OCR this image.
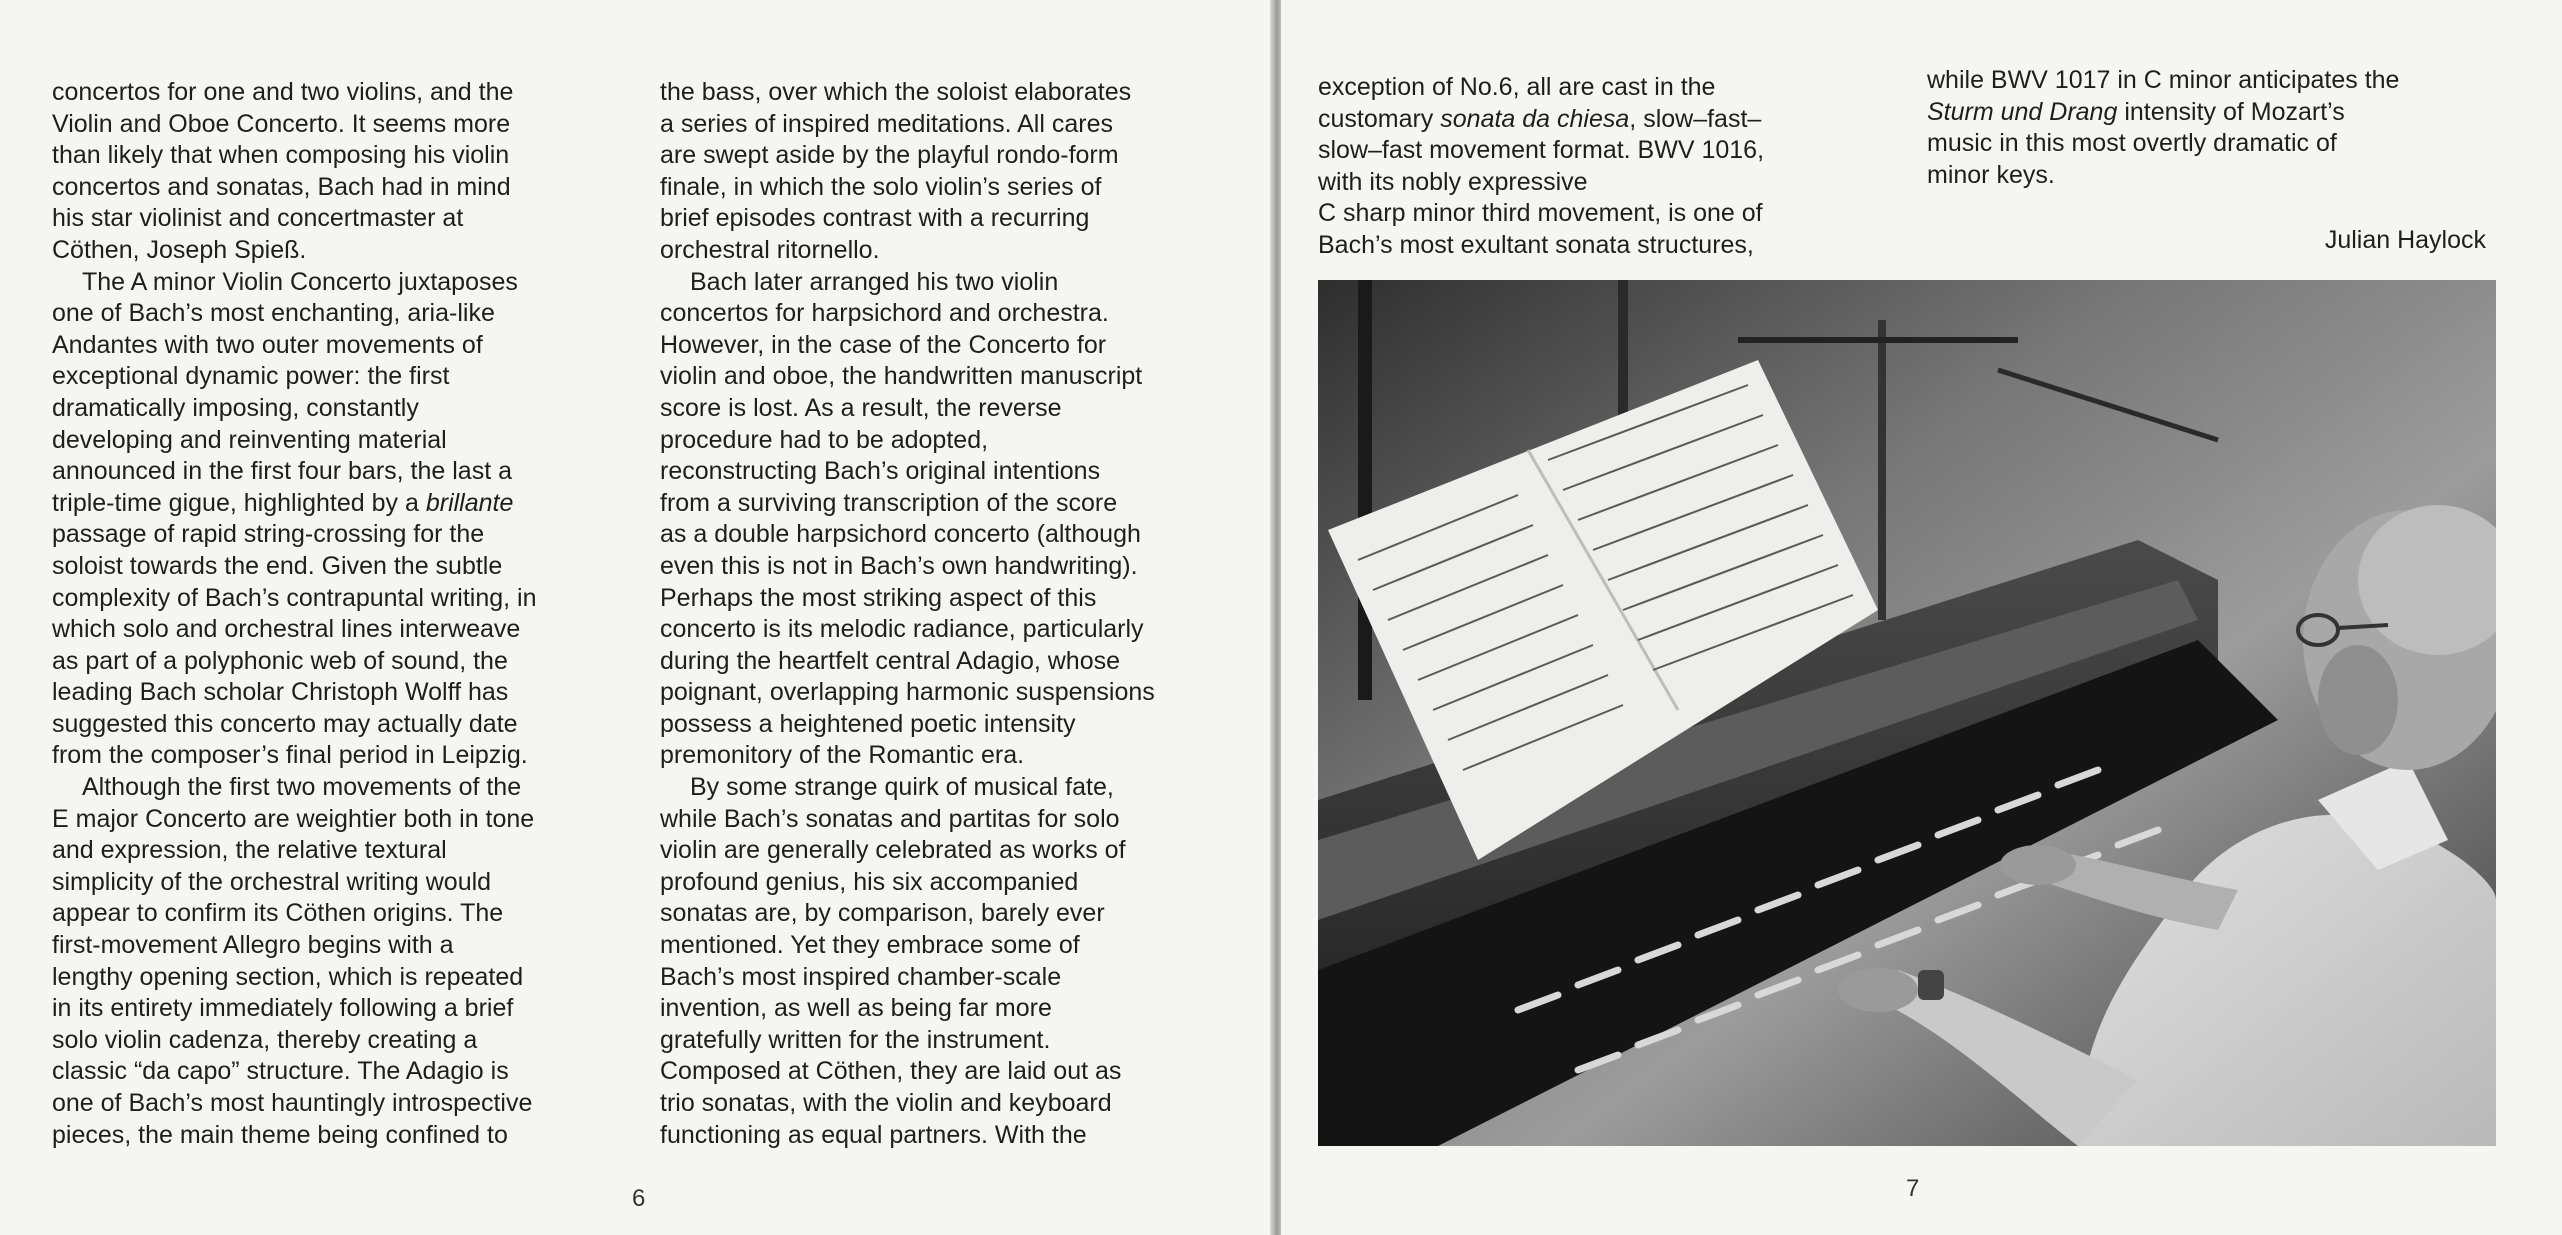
concertos for one and two violins, and the
Violin and Oboe Concerto. It seems more
than likely that when composing his violin
concertos and sonatas, Bach had in mind
his star violinist and concertmaster at
Cöthen, Joseph Spieß.

The A minor Violin Concerto juxtaposes
one of Bach’s most enchanting, aria-like
Andantes with two outer movements of
exceptional dynamic power: the first
dramatically imposing, constantly
developing and reinventing material
announced in the first four bars, the last a
triple-time gigue, highlighted by a brillante
passage of rapid string-crossing for the
soloist towards the end. Given the subtle
complexity of Bach’s contrapuntal writing, in
which solo and orchestral lines interweave
as part of a polyphonic web of sound, the
leading Bach scholar Christoph Wolff has
suggested this concerto may actually date
from the composer’s final period in Leipzig.

Although the first two movements of the
E major Concerto are weightier both in tone
and expression, the relative textural
simplicity of the orchestral writing would
appear to confirm its Cöthen origins. The
first-movement Allegro begins with a
lengthy opening section, which is repeated
in its entirety immediately following a brief
solo violin cadenza, thereby creating a
classic “da capo” structure. The Adagio is
one of Bach’s most hauntingly introspective
pieces, the main theme being confined to

the bass, over which the soloist elaborates
a series of inspired meditations. All cares
are swept aside by the playful rondo-form
finale, in which the solo violin’s series of
brief episodes contrast with a recurring
orchestral ritornello.

Bach later arranged his two violin
concertos for harpsichord and orchestra.
However, in the case of the Concerto for
violin and oboe, the handwritten manuscript
score is lost. As a result, the reverse
procedure had to be adopted,
reconstructing Bach’s original intentions
from a surviving transcription of the score
as a double harpsichord concerto (although
even this is not in Bach’s own handwriting).
Perhaps the most striking aspect of this
concerto is its melodic radiance, particularly
during the heartfelt central Adagio, whose
poignant, overlapping harmonic suspensions
possess a heightened poetic intensity
premonitory of the Romantic era.

By some strange quirk of musical fate,
while Bach’s sonatas and partitas for solo
violin are generally celebrated as works of
profound genius, his six accompanied
sonatas are, by comparison, barely ever
mentioned. Yet they embrace some of
Bach’s most inspired chamber-scale
invention, as well as being far more
gratefully written for the instrument.
Composed at Cöthen, they are laid out as
trio sonatas, with the violin and keyboard
functioning as equal partners. With the

6

exception of No.6, all are cast in the
customary sonata da chiesa, slow–fast–
slow–fast movement format. BWV 1016,
with its nobly expressive
C sharp minor third movement, is one of
Bach’s most exultant sonata structures,

while BWV 1017 in C minor anticipates the
Sturm und Drang intensity of Mozart’s
music in this most overtly dramatic of
minor keys.

Julian Haylock
7
